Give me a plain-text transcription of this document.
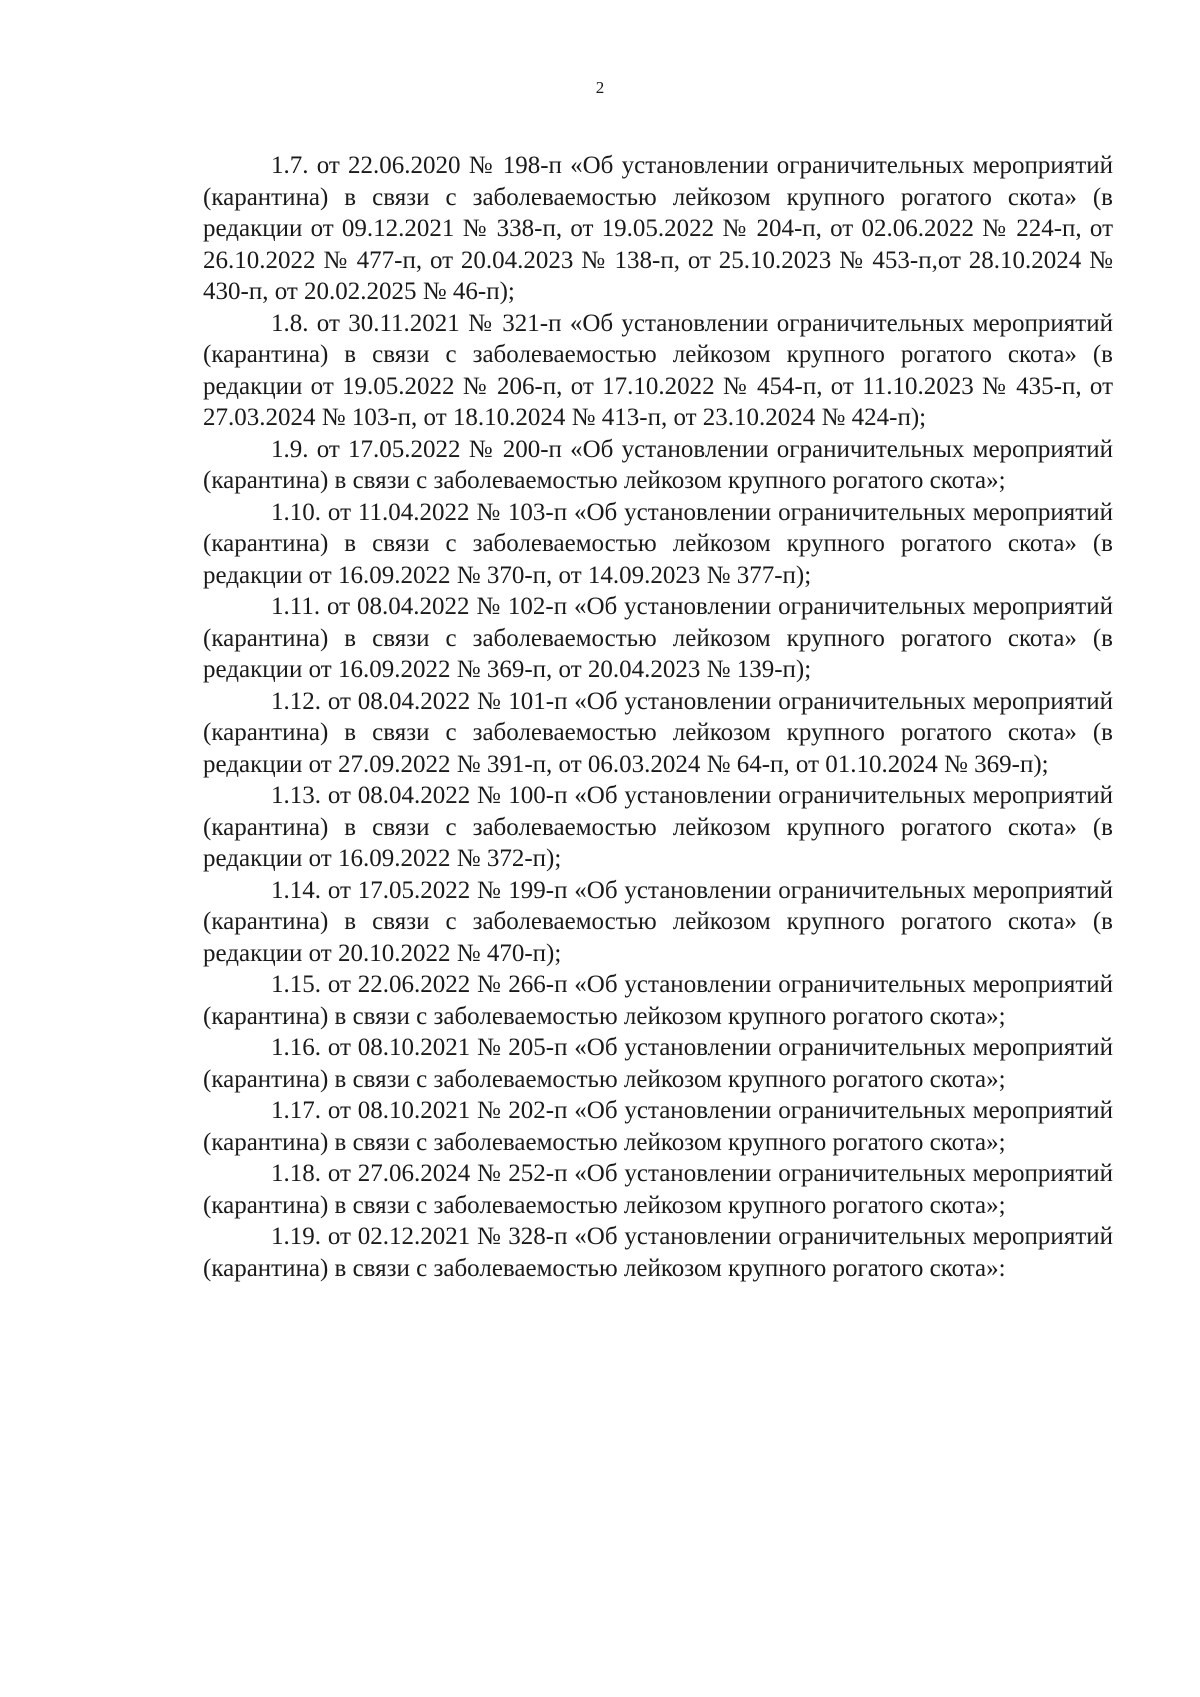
2

1.7. от 22.06.2020 № 198-п «Об установлении ограничительных мероприятий (карантина) в связи с заболеваемостью лейкозом крупного рогатого скота» (в редакции от 09.12.2021 № 338-п, от 19.05.2022 № 204-п, от 02.06.2022 № 224-п, от 26.10.2022 № 477-п, от 20.04.2023 № 138-п, от 25.10.2023 № 453-п,от 28.10.2024 № 430-п, от 20.02.2025 № 46-п);

1.8. от 30.11.2021 № 321-п «Об установлении ограничительных мероприятий (карантина) в связи с заболеваемостью лейкозом крупного рогатого скота» (в редакции от 19.05.2022 № 206-п, от 17.10.2022 № 454-п, от 11.10.2023 № 435-п, от 27.03.2024 № 103-п, от 18.10.2024 № 413-п, от 23.10.2024 № 424-п);

1.9. от 17.05.2022 № 200-п «Об установлении ограничительных мероприятий (карантина) в связи с заболеваемостью лейкозом крупного рогатого скота»;

1.10. от 11.04.2022 № 103-п «Об установлении ограничительных мероприятий (карантина) в связи с заболеваемостью лейкозом крупного рогатого скота» (в редакции от 16.09.2022 № 370-п, от 14.09.2023 № 377-п);

1.11. от 08.04.2022 № 102-п «Об установлении ограничительных мероприятий (карантина) в связи с заболеваемостью лейкозом крупного рогатого скота» (в редакции от 16.09.2022 № 369-п, от 20.04.2023 № 139-п);

1.12. от 08.04.2022 № 101-п «Об установлении ограничительных мероприятий (карантина) в связи с заболеваемостью лейкозом крупного рогатого скота» (в редакции от 27.09.2022 № 391-п, от 06.03.2024 № 64-п, от 01.10.2024 № 369-п);

1.13. от 08.04.2022 № 100-п «Об установлении ограничительных мероприятий (карантина) в связи с заболеваемостью лейкозом крупного рогатого скота» (в редакции от 16.09.2022 № 372-п);

1.14. от 17.05.2022 № 199-п «Об установлении ограничительных мероприятий (карантина) в связи с заболеваемостью лейкозом крупного рогатого скота» (в редакции от 20.10.2022 № 470-п);

1.15. от 22.06.2022 № 266-п «Об установлении ограничительных мероприятий (карантина) в связи с заболеваемостью лейкозом крупного рогатого скота»;

1.16. от 08.10.2021 № 205-п «Об установлении ограничительных мероприятий (карантина) в связи с заболеваемостью лейкозом крупного рогатого скота»;

1.17. от 08.10.2021 № 202-п «Об установлении ограничительных мероприятий (карантина) в связи с заболеваемостью лейкозом крупного рогатого скота»;

1.18. от 27.06.2024 № 252-п «Об установлении ограничительных мероприятий (карантина) в связи с заболеваемостью лейкозом крупного рогатого скота»;

1.19. от 02.12.2021 № 328-п «Об установлении ограничительных мероприятий (карантина) в связи с заболеваемостью лейкозом крупного рогатого скота»:
